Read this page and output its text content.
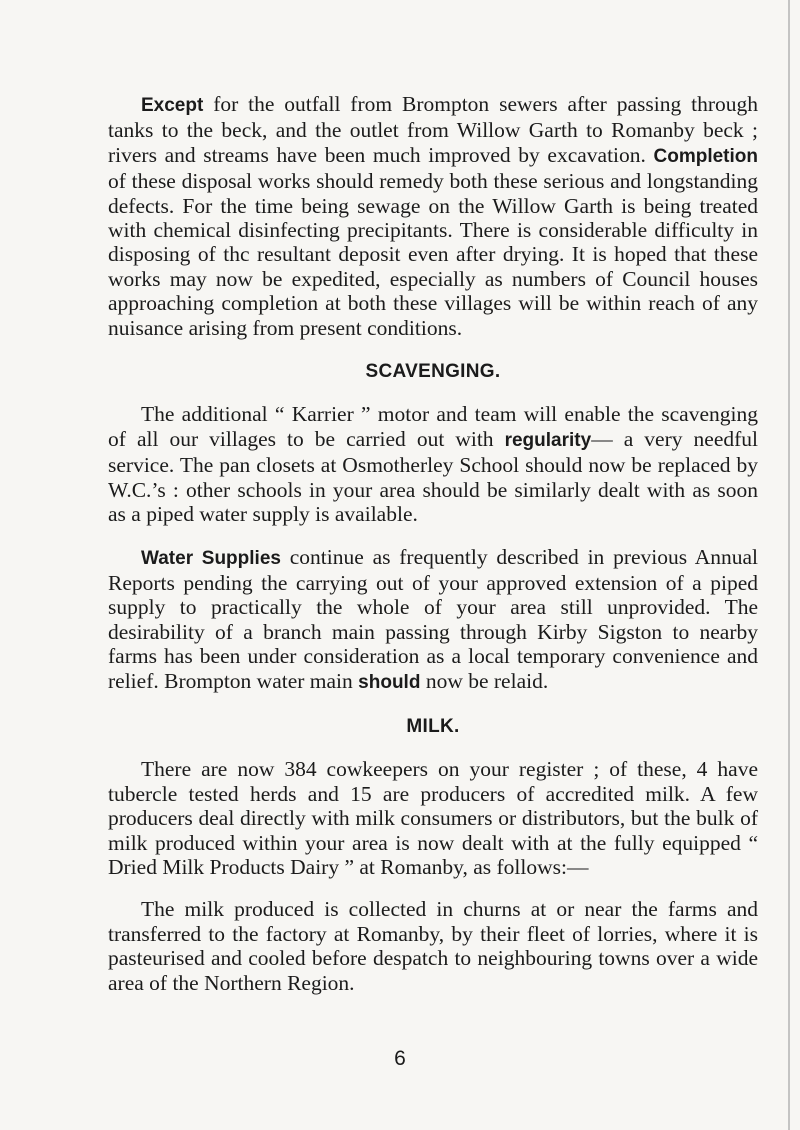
Except for the outfall from Brompton sewers after passing through tanks to the beck, and the outlet from Willow Garth to Romanby beck ; rivers and streams have been much improved by excavation. Completion of these disposal works should remedy both these serious and longstanding defects. For the time being sewage on the Willow Garth is being treated with chemical disinfecting precipitants. There is considerable difficulty in disposing of thc resultant deposit even after drying. It is hoped that these works may now be expedited, especially as numbers of Council houses approaching completion at both these villages will be within reach of any nuisance arising from present conditions.

SCAVENGING.

The additional “ Karrier ” motor and team will enable the scavenging of all our villages to be carried out with regularity— a very needful service. The pan closets at Osmotherley School should now be replaced by W.C.’s : other schools in your area should be similarly dealt with as soon as a piped water supply is available.

Water Supplies continue as frequently described in previous Annual Reports pending the carrying out of your approved extension of a piped supply to practically the whole of your area still unprovided. The desirability of a branch main passing through Kirby Sigston to nearby farms has been under consideration as a local temporary convenience and relief. Brompton water main should now be relaid.

MILK.

There are now 384 cowkeepers on your register ; of these, 4 have tubercle tested herds and 15 are producers of accredited milk. A few producers deal directly with milk consumers or distributors, but the bulk of milk produced within your area is now dealt with at the fully equipped “ Dried Milk Products Dairy ” at Romanby, as follows:—

The milk produced is collected in churns at or near the farms and transferred to the factory at Romanby, by their fleet of lorries, where it is pasteurised and cooled before despatch to neighbouring towns over a wide area of the Northern Region.

6
